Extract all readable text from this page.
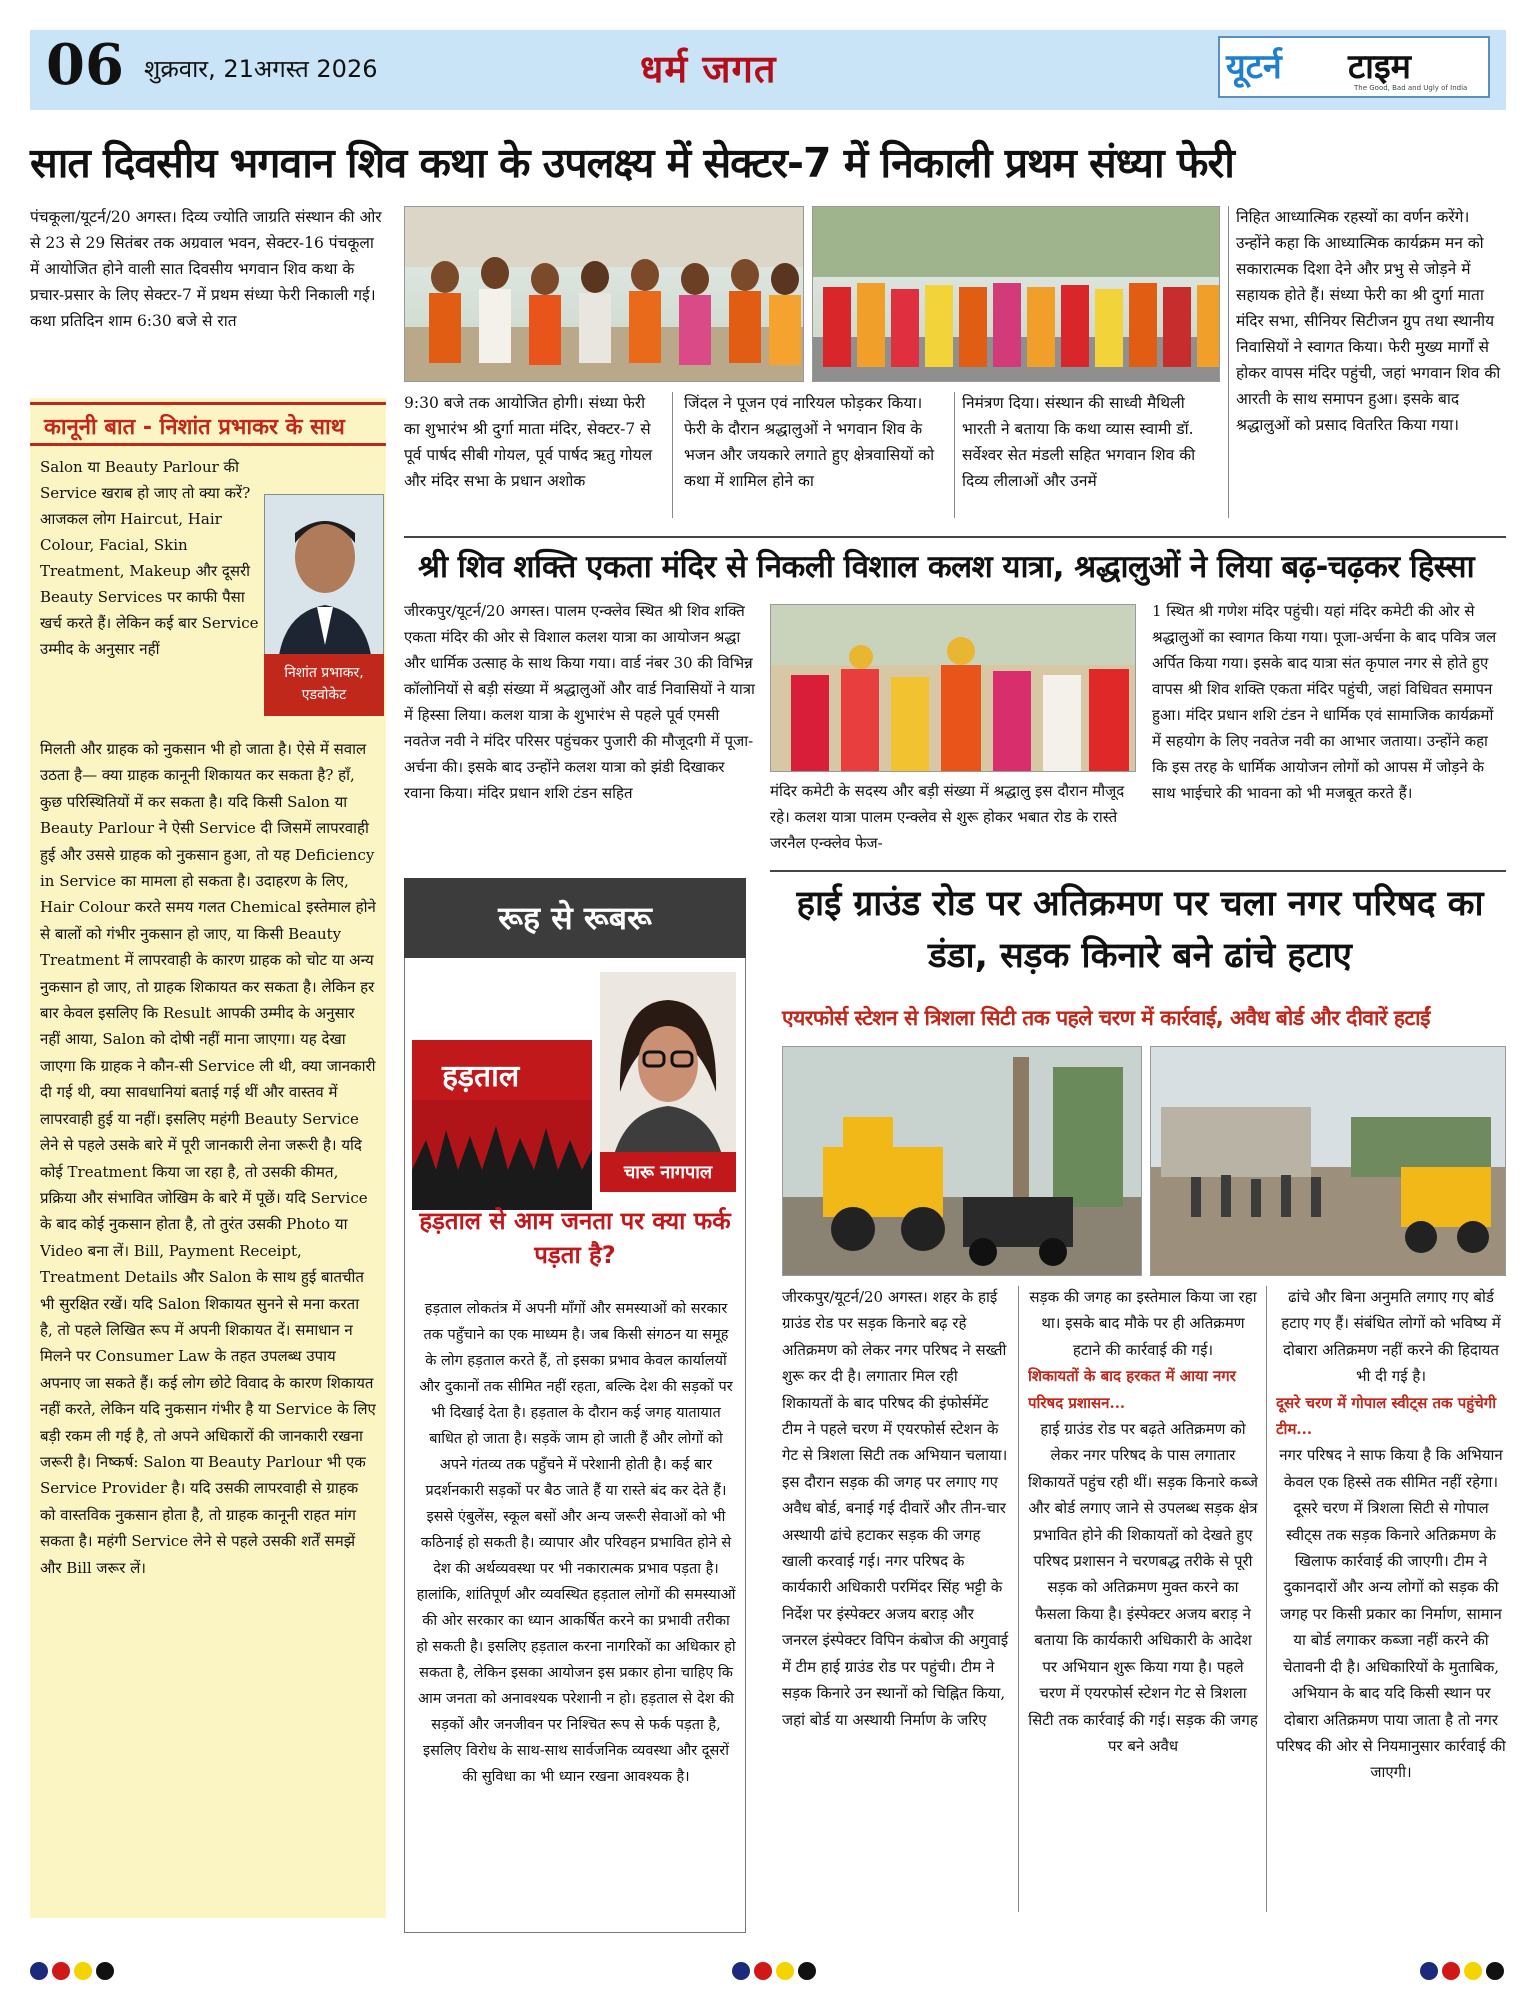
06 शुक्रवार, 21अगस्त 2026	धर्म जगत	यूटर्न टाइम
The Good, Bad and Ugly of India
सात दिवसीय भगवान शिव कथा के उपलक्ष्य में सेक्टर-7 में निकाली प्रथम संध्या फेरी
पंचकूला/यूटर्न/20 अगस्त। दिव्य ज्योति जाग्रति संस्थान की ओर से 23 से 29 सितंबर तक अग्रवाल भवन, सेक्टर-16 पंचकूला में आयोजित होने वाली सात दिवसीय भगवान शिव कथा के प्रचार-प्रसार के लिए सेक्टर-7 में प्रथम संध्या फेरी निकाली गई। कथा प्रतिदिन शाम 6:30 बजे से रात
9:30 बजे तक आयोजित होगी। संध्या फेरी का शुभारंभ श्री दुर्गा माता मंदिर, सेक्टर-7 से पूर्व पार्षद सीबी गोयल, पूर्व पार्षद ऋतु गोयल और मंदिर सभा के प्रधान अशोक
जिंदल ने पूजन एवं नारियल फोड़कर किया। फेरी के दौरान श्रद्धालुओं ने भगवान शिव के भजन और जयकारे लगाते हुए क्षेत्रवासियों को कथा में शामिल होने का
निमंत्रण दिया। संस्थान की साध्वी मैथिली भारती ने बताया कि कथा व्यास स्वामी डॉ. सर्वेश्वर सेत मंडली सहित भगवान शिव की दिव्य लीलाओं और उनमें
निहित आध्यात्मिक रहस्यों का वर्णन करेंगे। उन्होंने कहा कि आध्यात्मिक कार्यक्रम मन को सकारात्मक दिशा देने और प्रभु से जोड़ने में सहायक होते हैं। संध्या फेरी का श्री दुर्गा माता मंदिर सभा, सीनियर सिटीजन ग्रुप तथा स्थानीय निवासियों ने स्वागत किया। फेरी मुख्य मार्गों से होकर वापस मंदिर पहुंची, जहां भगवान शिव की आरती के साथ समापन हुआ। इसके बाद श्रद्धालुओं को प्रसाद वितरित किया गया।
कानूनी बात - निशांत प्रभाकर के साथ
Salon या Beauty Parlour की Service खराब हो जाए तो क्या करें? आजकल लोग Haircut, Hair Colour, Facial, Skin Treatment, Makeup और दूसरी Beauty Services पर काफी पैसा खर्च करते हैं। लेकिन कई बार Service उम्मीद के अनुसार नहीं
निशांत प्रभाकर,
एडवोकेट
मिलती और ग्राहक को नुकसान भी हो जाता है। ऐसे में सवाल उठता है— क्या ग्राहक कानूनी शिकायत कर सकता है? हाँ, कुछ परिस्थितियों में कर सकता है। यदि किसी Salon या Beauty Parlour ने ऐसी Service दी जिसमें लापरवाही हुई और उससे ग्राहक को नुकसान हुआ, तो यह Deficiency in Service का मामला हो सकता है। उदाहरण के लिए, Hair Colour करते समय गलत Chemical इस्तेमाल होने से बालों को गंभीर नुकसान हो जाए, या किसी Beauty Treatment में लापरवाही के कारण ग्राहक को चोट या अन्य नुकसान हो जाए, तो ग्राहक शिकायत कर सकता है। लेकिन हर बार केवल इसलिए कि Result आपकी उम्मीद के अनुसार नहीं आया, Salon को दोषी नहीं माना जाएगा। यह देखा जाएगा कि ग्राहक ने कौन-सी Service ली थी, क्या जानकारी दी गई थी, क्या सावधानियां बताई गई थीं और वास्तव में लापरवाही हुई या नहीं। इसलिए महंगी Beauty Service लेने से पहले उसके बारे में पूरी जानकारी लेना जरूरी है। यदि कोई Treatment किया जा रहा है, तो उसकी कीमत, प्रक्रिया और संभावित जोखिम के बारे में पूछें। यदि Service के बाद कोई नुकसान होता है, तो तुरंत उसकी Photo या Video बना लें। Bill, Payment Receipt, Treatment Details और Salon के साथ हुई बातचीत भी सुरक्षित रखें। यदि Salon शिकायत सुनने से मना करता है, तो पहले लिखित रूप में अपनी शिकायत दें। समाधान न मिलने पर Consumer Law के तहत उपलब्ध उपाय अपनाए जा सकते हैं। कई लोग छोटे विवाद के कारण शिकायत नहीं करते, लेकिन यदि नुकसान गंभीर है या Service के लिए बड़ी रकम ली गई है, तो अपने अधिकारों की जानकारी रखना जरूरी है। निष्कर्ष: Salon या Beauty Parlour भी एक Service Provider है। यदि उसकी लापरवाही से ग्राहक को वास्तविक नुकसान होता है, तो ग्राहक कानूनी राहत मांग सकता है। महंगी Service लेने से पहले उसकी शर्तें समझें और Bill जरूर लें।
श्री शिव शक्ति एकता मंदिर से निकली विशाल कलश यात्रा, श्रद्धालुओं ने लिया बढ़-चढ़कर हिस्सा
जीरकपुर/यूटर्न/20 अगस्त। पालम एन्क्लेव स्थित श्री शिव शक्ति एकता मंदिर की ओर से विशाल कलश यात्रा का आयोजन श्रद्धा और धार्मिक उत्साह के साथ किया गया। वार्ड नंबर 30 की विभिन्न कॉलोनियों से बड़ी संख्या में श्रद्धालुओं और वार्ड निवासियों ने यात्रा में हिस्सा लिया। कलश यात्रा के शुभारंभ से पहले पूर्व एमसी नवतेज नवी ने मंदिर परिसर पहुंचकर पुजारी की मौजूदगी में पूजा-अर्चना की। इसके बाद उन्होंने कलश यात्रा को झंडी दिखाकर रवाना किया। मंदिर प्रधान शशि टंडन सहित	मंदिर कमेटी के सदस्य और बड़ी संख्या में श्रद्धालु इस दौरान मौजूद रहे। कलश यात्रा पालम एन्क्लेव से शुरू होकर भबात रोड के रास्ते जरनैल एन्क्लेव फेज-
1 स्थित श्री गणेश मंदिर पहुंची। यहां मंदिर कमेटी की ओर से श्रद्धालुओं का स्वागत किया गया। पूजा-अर्चना के बाद पवित्र जल अर्पित किया गया। इसके बाद यात्रा संत कृपाल नगर से होते हुए वापस श्री शिव शक्ति एकता मंदिर पहुंची, जहां विधिवत समापन हुआ। मंदिर प्रधान शशि टंडन ने धार्मिक एवं सामाजिक कार्यक्रमों में सहयोग के लिए नवतेज नवी का आभार जताया। उन्होंने कहा कि इस तरह के धार्मिक आयोजन लोगों को आपस में जोड़ने के साथ भाईचारे की भावना को भी मजबूत करते हैं।
रूह से रूबरू
हड़ताल
चारू नागपाल
हड़ताल से आम जनता पर क्या फर्क पड़ता है?
हड़ताल लोकतंत्र में अपनी माँगों और समस्याओं को सरकार तक पहुँचाने का एक माध्यम है। जब किसी संगठन या समूह के लोग हड़ताल करते हैं, तो इसका प्रभाव केवल कार्यालयों और दुकानों तक सीमित नहीं रहता, बल्कि देश की सड़कों पर भी दिखाई देता है। हड़ताल के दौरान कई जगह यातायात बाधित हो जाता है। सड़कें जाम हो जाती हैं और लोगों को अपने गंतव्य तक पहुँचने में परेशानी होती है। कई बार प्रदर्शनकारी सड़कों पर बैठ जाते हैं या रास्ते बंद कर देते हैं। इससे एंबुलेंस, स्कूल बसों और अन्य जरूरी सेवाओं को भी कठिनाई हो सकती है। व्यापार और परिवहन प्रभावित होने से देश की अर्थव्यवस्था पर भी नकारात्मक प्रभाव पड़ता है। हालांकि, शांतिपूर्ण और व्यवस्थित हड़ताल लोगों की समस्याओं की ओर सरकार का ध्यान आकर्षित करने का प्रभावी तरीका हो सकती है। इसलिए हड़ताल करना नागरिकों का अधिकार हो सकता है, लेकिन इसका आयोजन इस प्रकार होना चाहिए कि आम जनता को अनावश्यक परेशानी न हो। हड़ताल से देश की सड़कों और जनजीवन पर निश्चित रूप से फर्क पड़ता है, इसलिए विरोध के साथ-साथ सार्वजनिक व्यवस्था और दूसरों की सुविधा का भी ध्यान रखना आवश्यक है।
हाई ग्राउंड रोड पर अतिक्रमण पर चला नगर परिषद का डंडा, सड़क किनारे बने ढांचे हटाए
एयरफोर्स स्टेशन से त्रिशला सिटी तक पहले चरण में कार्रवाई, अवैध बोर्ड और दीवारें हटाईं
जीरकपुर/यूटर्न/20 अगस्त। शहर के हाई ग्राउंड रोड पर सड़क किनारे बढ़ रहे अतिक्रमण को लेकर नगर परिषद ने सख्ती शुरू कर दी है। लगातार मिल रही शिकायतों के बाद परिषद की इंफोर्समेंट टीम ने पहले चरण में एयरफोर्स स्टेशन के गेट से त्रिशला सिटी तक अभियान चलाया। इस दौरान सड़क की जगह पर लगाए गए अवैध बोर्ड, बनाई गई दीवारें और तीन-चार अस्थायी ढांचे हटाकर सड़क की जगह खाली करवाई गई। नगर परिषद के कार्यकारी अधिकारी परमिंदर सिंह भट्टी के निर्देश पर इंस्पेक्टर अजय बराड़ और जनरल इंस्पेक्टर विपिन कंबोज की अगुवाई में टीम हाई ग्राउंड रोड पर पहुंची। टीम ने सड़क किनारे उन स्थानों को चिह्नित किया, जहां बोर्ड या अस्थायी निर्माण के जरिए
सड़क की जगह का इस्तेमाल किया जा रहा था। इसके बाद मौके पर ही अतिक्रमण हटाने की कार्रवाई की गई।
शिकायतों के बाद हरकत में आया नगर परिषद प्रशासन...
हाई ग्राउंड रोड पर बढ़ते अतिक्रमण को लेकर नगर परिषद के पास लगातार शिकायतें पहुंच रही थीं। सड़क किनारे कब्जे और बोर्ड लगाए जाने से उपलब्ध सड़क क्षेत्र प्रभावित होने की शिकायतों को देखते हुए परिषद प्रशासन ने चरणबद्ध तरीके से पूरी सड़क को अतिक्रमण मुक्त करने का फैसला किया है। इंस्पेक्टर अजय बराड़ ने बताया कि कार्यकारी अधिकारी के आदेश पर अभियान शुरू किया गया है। पहले चरण में एयरफोर्स स्टेशन गेट से त्रिशला सिटी तक कार्रवाई की गई। सड़क की जगह पर बने अवैध
ढांचे और बिना अनुमति लगाए गए बोर्ड हटाए गए हैं। संबंधित लोगों को भविष्य में दोबारा अतिक्रमण नहीं करने की हिदायत भी दी गई है।
दूसरे चरण में गोपाल स्वीट्स तक पहुंचेगी टीम...
नगर परिषद ने साफ किया है कि अभियान केवल एक हिस्से तक सीमित नहीं रहेगा। दूसरे चरण में त्रिशला सिटी से गोपाल स्वीट्स तक सड़क किनारे अतिक्रमण के खिलाफ कार्रवाई की जाएगी। टीम ने दुकानदारों और अन्य लोगों को सड़क की जगह पर किसी प्रकार का निर्माण, सामान या बोर्ड लगाकर कब्जा नहीं करने की चेतावनी दी है। अधिकारियों के मुताबिक, अभियान के बाद यदि किसी स्थान पर दोबारा अतिक्रमण पाया जाता है तो नगर परिषद की ओर से नियमानुसार कार्रवाई की जाएगी।
